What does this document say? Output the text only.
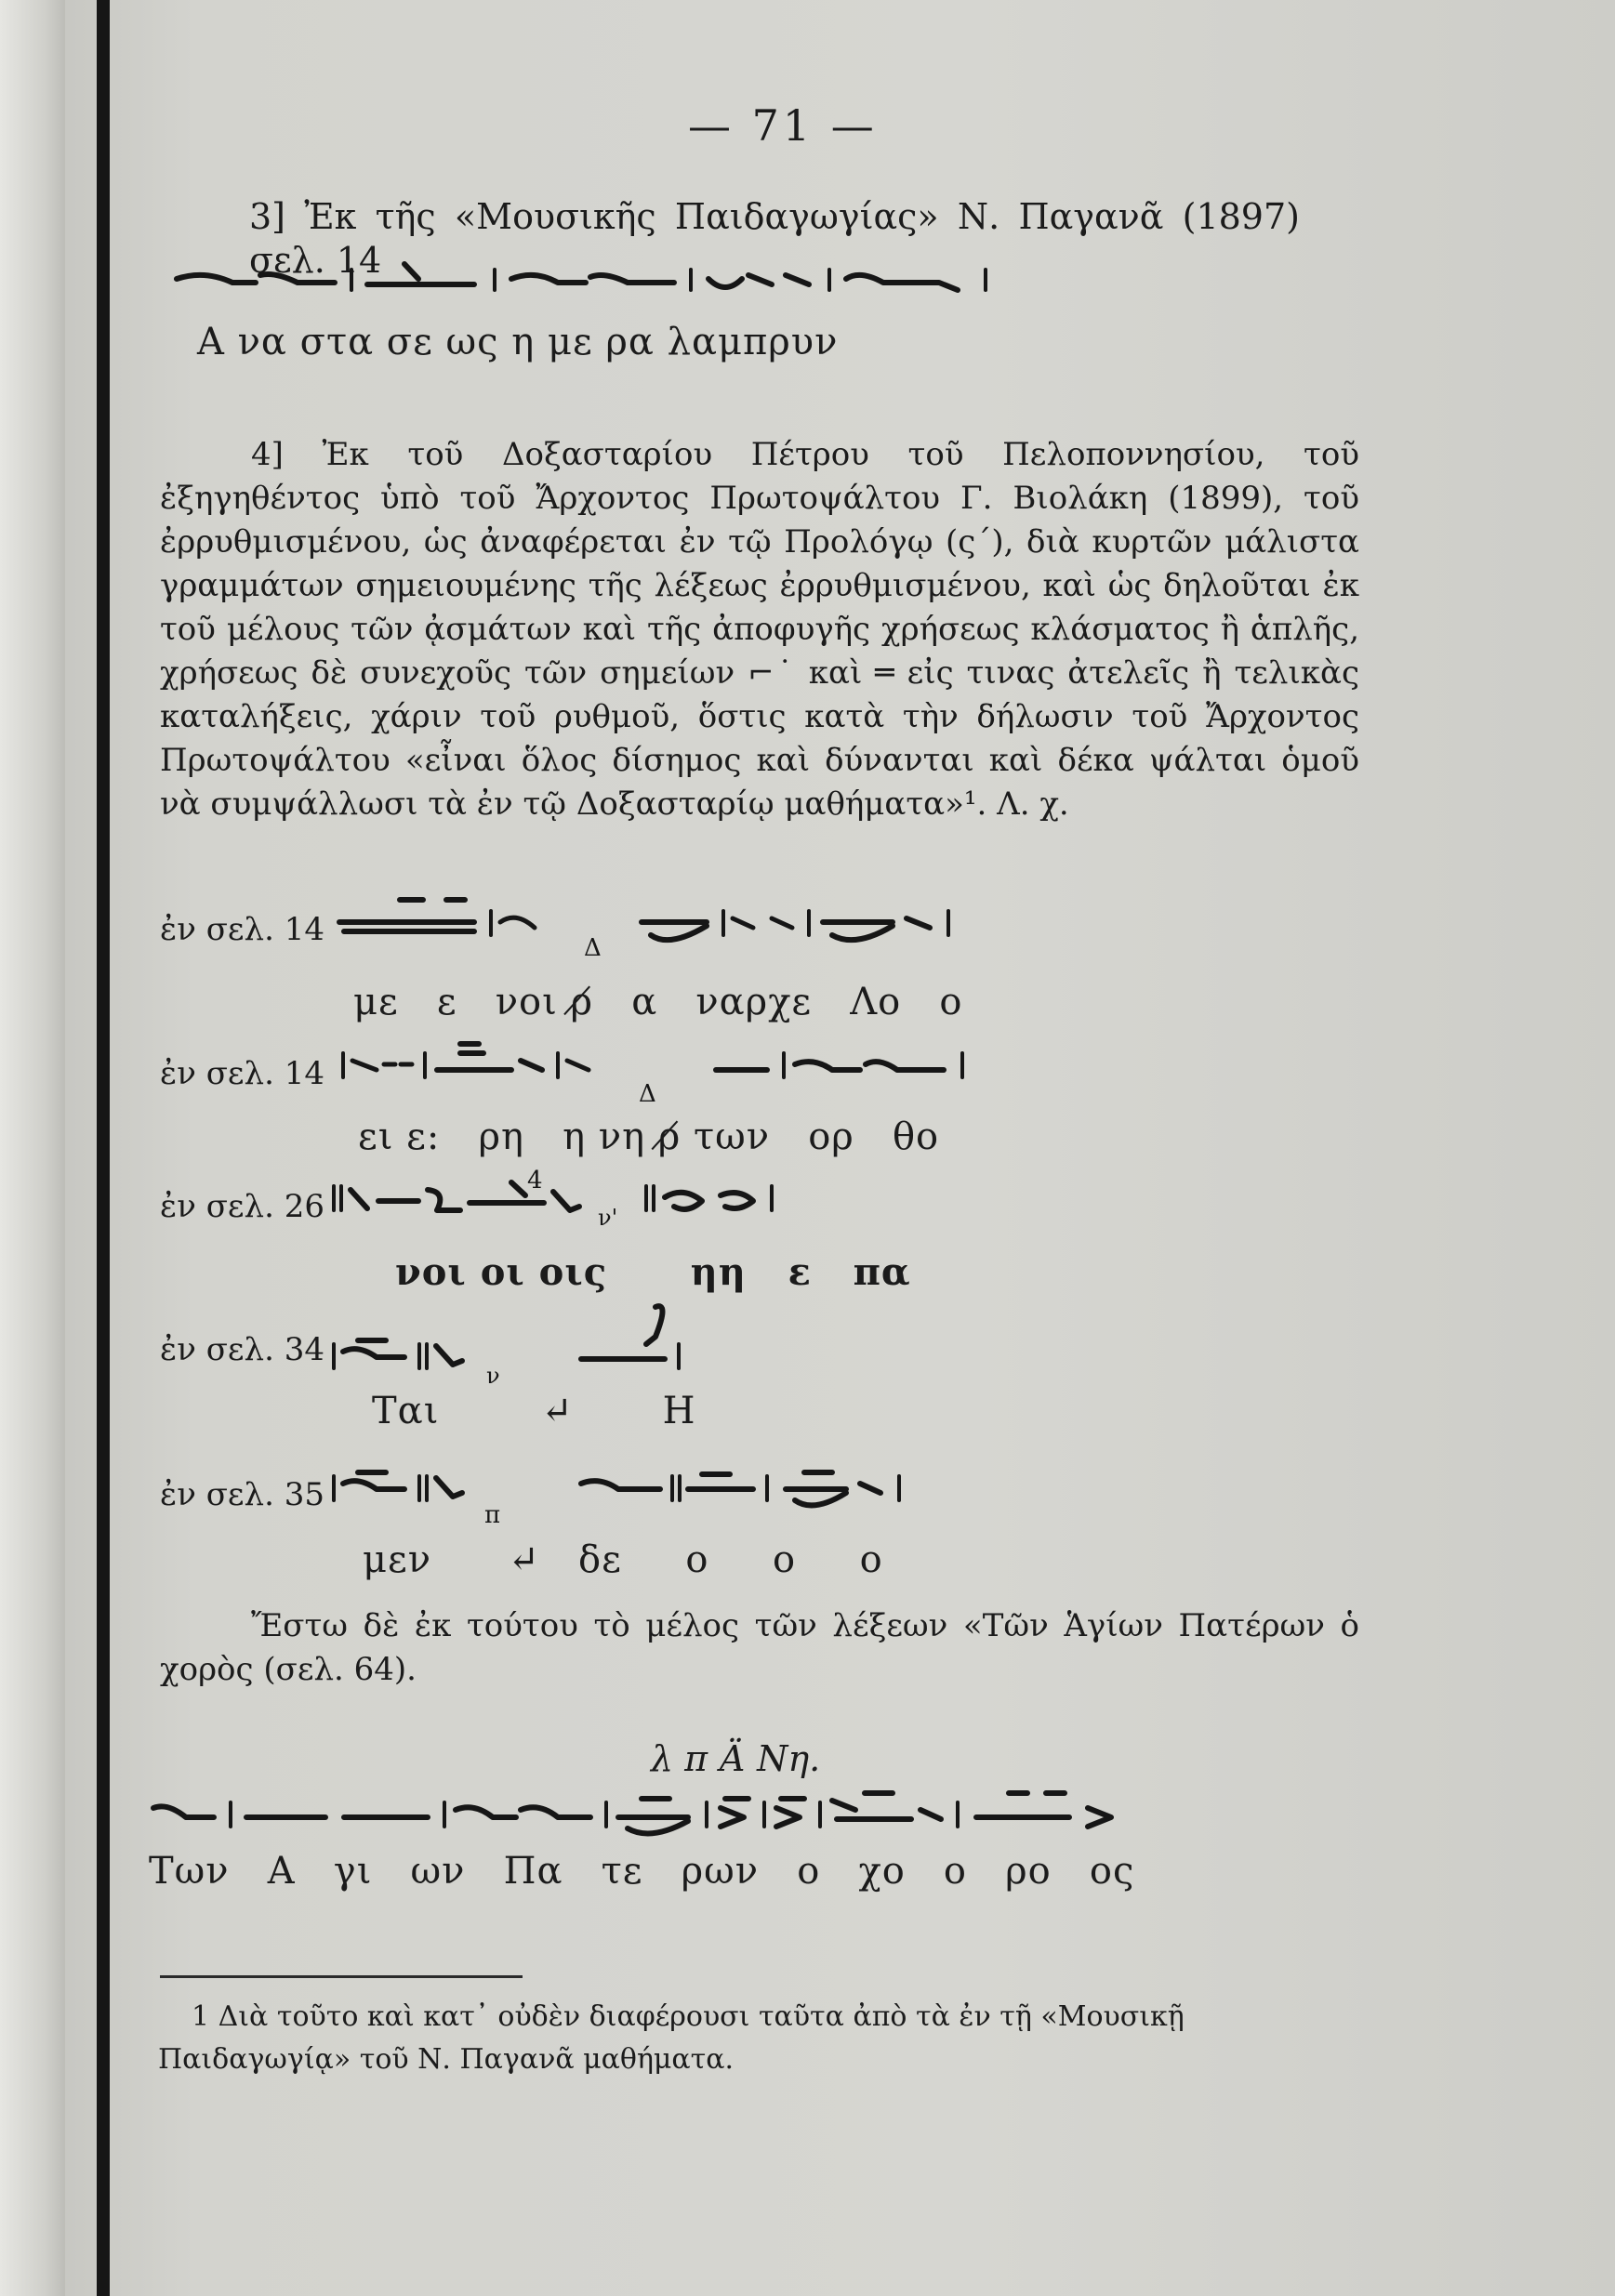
— 71 —

3] Ἐκ τῆς «Μουσικῆς Παιδαγωγίας» Ν. Παγανᾶ (1897) σελ. 14

Α να στα σε ως η με ρα λαμπρυν

4] Ἐκ τοῦ Δοξασταρίου Πέτρου τοῦ Πελοποννησίου, τοῦ ἐξηγηθέντος ὑπὸ τοῦ Ἄρχοντος Πρωτοψάλτου Γ. Βιολάκη (1899), τοῦ ἐρρυθμισμένου, ὡς ἀναφέρεται ἐν τῷ Προλόγῳ (ς΄), διὰ κυρτῶν μάλιστα γραμμάτων σημειουμένης τῆς λέξεως ἐρρυθμισμένου, καὶ ὡς δηλοῦται ἐκ τοῦ μέλους τῶν ᾀσμάτων καὶ τῆς ἀποφυγῆς χρήσεως κλάσματος ἢ ἁπλῆς, χρήσεως δὲ συνεχοῦς τῶν σημείων ⌐˙ καὶ ═ εἰς τινας ἀτελεῖς ἢ τελικὰς καταλήξεις, χάριν τοῦ ρυθμοῦ, ὅστις κατὰ τὴν δήλωσιν τοῦ Ἄρχοντος Πρωτοψάλτου «εἶναι ὅλος δίσημος καὶ δύνανται καὶ δέκα ψάλται ὁμοῦ νὰ συμψάλλωσι τὰ ἐν τῷ Δοξασταρίῳ μαθήματα»¹. Λ. χ.

ἐν σελ. 14	Δ
με   ε   νοι ρ̸   α   ναρχε   Λο   ο
ἐν σελ. 14
Δ
ει ε:   ρη   η νη ρ̸ των   ορ   θο
ἐν σελ. 26
4
ν'
νοι οι οις      ηη   ε   πα
ἐν σελ. 34
ν
Ται        ↵       Η
ἐν σελ. 35
π
μεν      ↵   δε     ο     ο     ο

Ἔστω δὲ ἐκ τούτου τὸ μέλος τῶν λέξεων «Τῶν Ἁγίων Πατέρων ὁ χορὸς (σελ. 64).

λ π Ӓ Νη.
Των   Α   γι   ων   Πα   τε   ρων   ο   χο   ο   ρο   ος

1 Διὰ τοῦτο καὶ κατ᾽ οὐδὲν διαφέρουσι ταῦτα ἀπὸ τὰ ἐν τῇ «Μουσικῇ Παιδαγωγίᾳ» τοῦ Ν. Παγανᾶ μαθήματα.
